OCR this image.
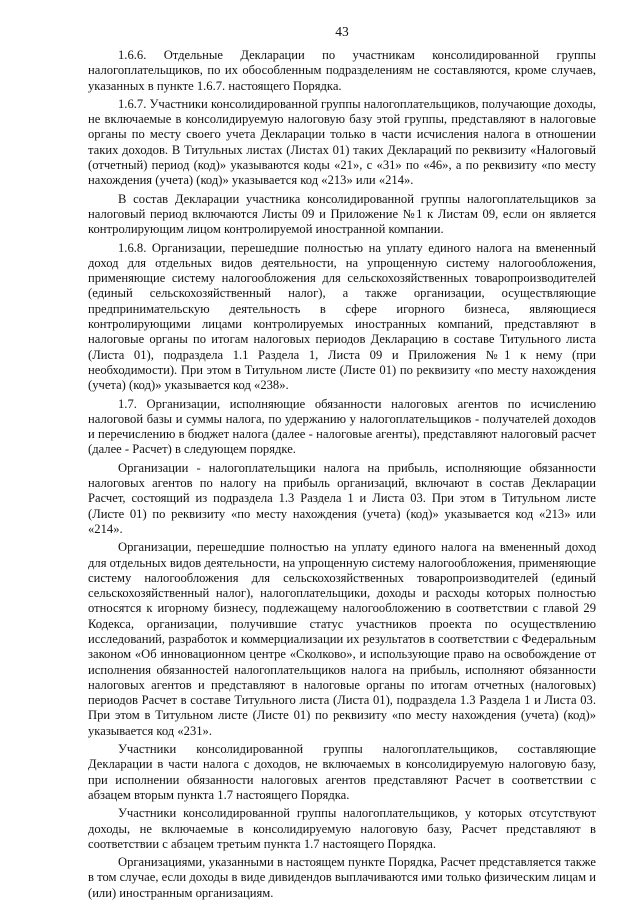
43

1.6.6. Отдельные Декларации по участникам консолидированной группы налогоплательщиков, по их обособленным подразделениям не составляются, кроме случаев, указанных в пункте 1.6.7. настоящего Порядка.

1.6.7. Участники консолидированной группы налогоплательщиков, получающие доходы, не включаемые в консолидируемую налоговую базу этой группы, представляют в налоговые органы по месту своего учета Декларации только в части исчисления налога в отношении таких доходов. В Титульных листах (Листах 01) таких Деклараций по реквизиту «Налоговый (отчетный) период (код)» указываются коды «21», с «31» по «46», а по реквизиту «по месту нахождения (учета) (код)» указывается код «213» или «214».

В состав Декларации участника консолидированной группы налогоплательщиков за налоговый период включаются Листы 09 и Приложение №1 к Листам 09, если он является контролирующим лицом контролируемой иностранной компании.

1.6.8. Организации, перешедшие полностью на уплату единого налога на вмененный доход для отдельных видов деятельности, на упрощенную систему налогообложения, применяющие систему налогообложения для сельскохозяйственных товаропроизводителей (единый сельскохозяйственный налог), а также организации, осуществляющие предпринимательскую деятельность в сфере игорного бизнеса, являющиеся контролирующими лицами контролируемых иностранных компаний, представляют в налоговые органы по итогам налоговых периодов Декларацию в составе Титульного листа (Листа 01), подраздела 1.1 Раздела 1, Листа 09 и Приложения №1 к нему (при необходимости). При этом в Титульном листе (Листе 01) по реквизиту «по месту нахождения (учета) (код)» указывается код «238».

1.7. Организации, исполняющие обязанности налоговых агентов по исчислению налоговой базы и суммы налога, по удержанию у налогоплательщиков - получателей доходов и перечислению в бюджет налога (далее - налоговые агенты), представляют налоговый расчет (далее - Расчет) в следующем порядке.

Организации - налогоплательщики налога на прибыль, исполняющие обязанности налоговых агентов по налогу на прибыль организаций, включают в состав Декларации Расчет, состоящий из подраздела 1.3 Раздела 1 и Листа 03. При этом в Титульном листе (Листе 01) по реквизиту «по месту нахождения (учета) (код)» указывается код «213» или «214».

Организации, перешедшие полностью на уплату единого налога на вмененный доход для отдельных видов деятельности, на упрощенную систему налогообложения, применяющие систему налогообложения для сельскохозяйственных товаропроизводителей (единый сельскохозяйственный налог), налогоплательщики, доходы и расходы которых полностью относятся к игорному бизнесу, подлежащему налогообложению в соответствии с главой 29 Кодекса, организации, получившие статус участников проекта по осуществлению исследований, разработок и коммерциализации их результатов в соответствии с Федеральным законом «Об инновационном центре «Сколково», и использующие право на освобождение от исполнения обязанностей налогоплательщиков налога на прибыль, исполняют обязанности налоговых агентов и представляют в налоговые органы по итогам отчетных (налоговых) периодов Расчет в составе Титульного листа (Листа 01), подраздела 1.3 Раздела 1 и Листа 03. При этом в Титульном листе (Листе 01) по реквизиту «по месту нахождения (учета) (код)» указывается код «231».

Участники консолидированной группы налогоплательщиков, составляющие Декларации в части налога с доходов, не включаемых в консолидируемую налоговую базу, при исполнении обязанности налоговых агентов представляют Расчет в соответствии с абзацем вторым пункта 1.7 настоящего Порядка.

Участники консолидированной группы налогоплательщиков, у которых отсутствуют доходы, не включаемые в консолидируемую налоговую базу, Расчет представляют в соответствии с абзацем третьим пункта 1.7 настоящего Порядка.

Организациями, указанными в настоящем пункте Порядка, Расчет представляется также в том случае, если доходы в виде дивидендов выплачиваются ими только физическим лицам и (или) иностранным организациям.
